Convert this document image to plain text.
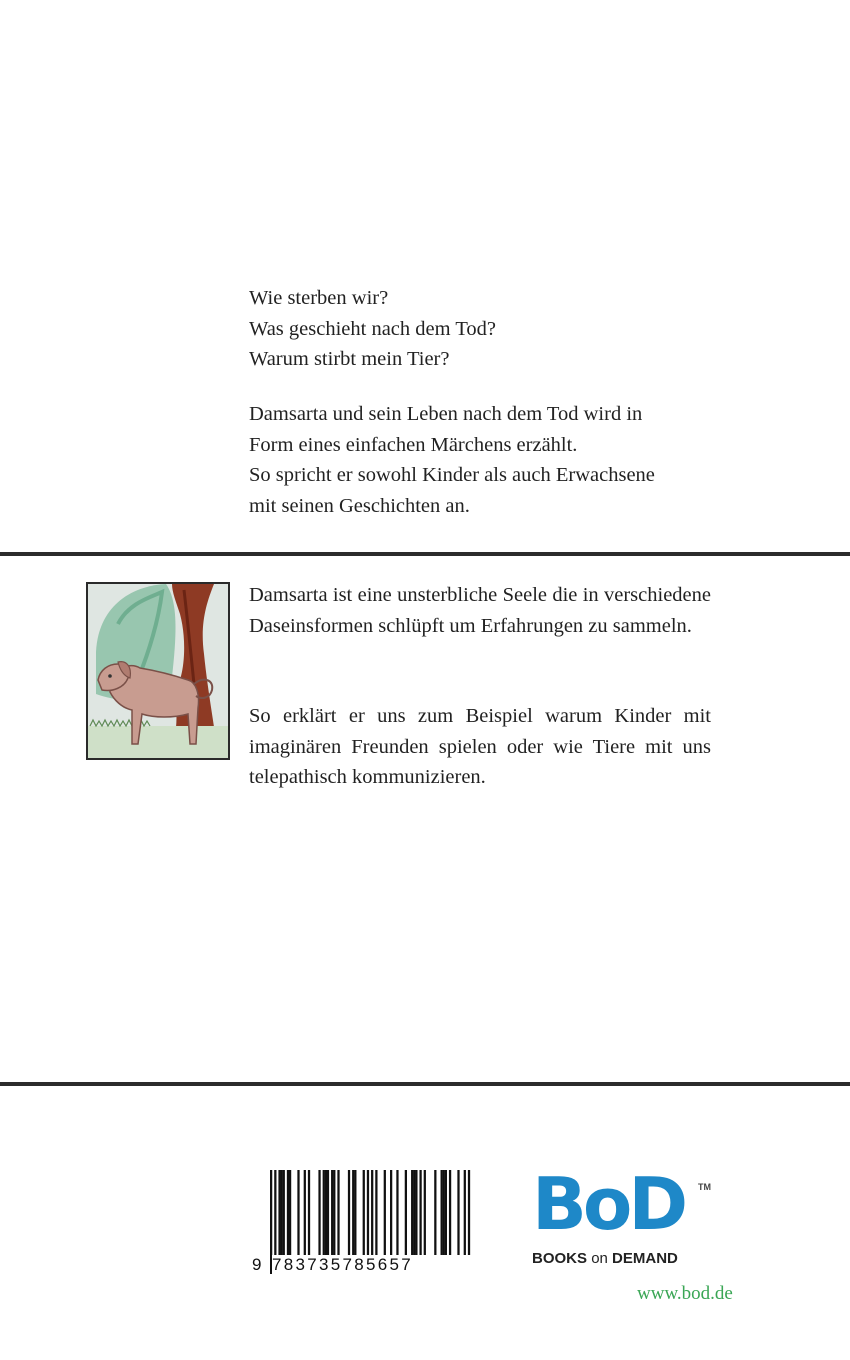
Wie sterben wir?

Was geschieht nach dem Tod?

Warum stirbt mein Tier?

Damsarta und sein Leben nach dem Tod wird in

Form eines einfachen Märchens erzählt.

So spricht er sowohl Kinder als auch Erwachsene

mit seinen Geschichten an.

Damsarta ist eine unsterbliche Seele die in verschiedene Daseinsformen schlüpft um Erfahrungen zu sammeln.

So erklärt er uns zum Beispiel warum Kinder mit imaginären Freunden spielen oder wie Tiere mit uns telepathisch kommunizieren.

9 783735785657
BoD TM
BOOKS on DEMAND
www.bod.de
